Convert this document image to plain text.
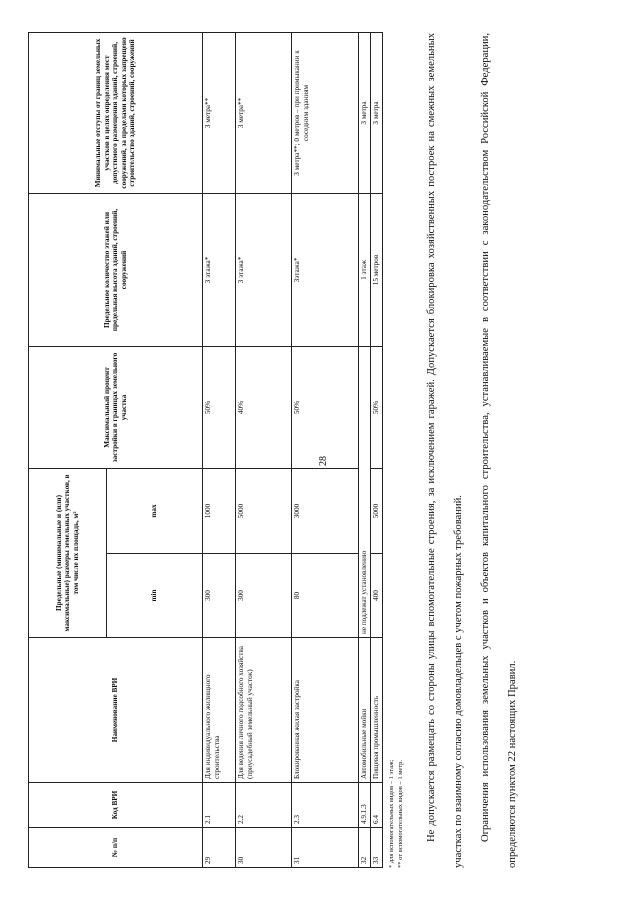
28
№ п/п	Код ВРИ	Наименование ВРИ	Предельные (минимальные и (или) максимальные) размеры земельных участков, в том числе их площадь, м²		Максимальный процент застройки в границах земельного участка	Предельное количество этажей или предельная высота зданий, строений, сооружений	Минимальные отступы от границ земельных участков в целях определения мест допустимого размещения зданий, строений, сооружений, за пределами которых запрещено строительство зданий, строений, сооружений
			min	max			
29	2.1	Для индивидуального жилищного строительства	300	1000	50%	3 этажа*	3 метра**
30	2.2	Для ведения личного подсобного хозяйства (приусадебный земельный участок)	300	5000	40%	3 этажа*	3 метра**
31	2.3	Блокированная жилая застройка	80	3000	50%	3этажа*	3 метра**; 0 метров – при примыкании к соседним зданиям
32	4.9.1.3	Автомобильные мойки	не подлежат установлению			1 этаж	3 метра
33	6.4	Пищевая промышленность	400	5000	50%	15 метров	3 метра
* для вспомогательных видов – 1 этаж; ** от вспомогательных видов – 1 метр.	Не допускается размещать со стороны улицы вспомогательные строения, за исключением гаражей. Допускается блокировка хозяйственных построек на смежных земельных участках по взаимному согласию домовладельцев с учетом пожарных требований.	Ограничения использования земельных участков и объектов капитального строительства, устанавливаемые в соответствии с законодательством Российской Федерации, определяются пунктом 22 настоящих Правил.
